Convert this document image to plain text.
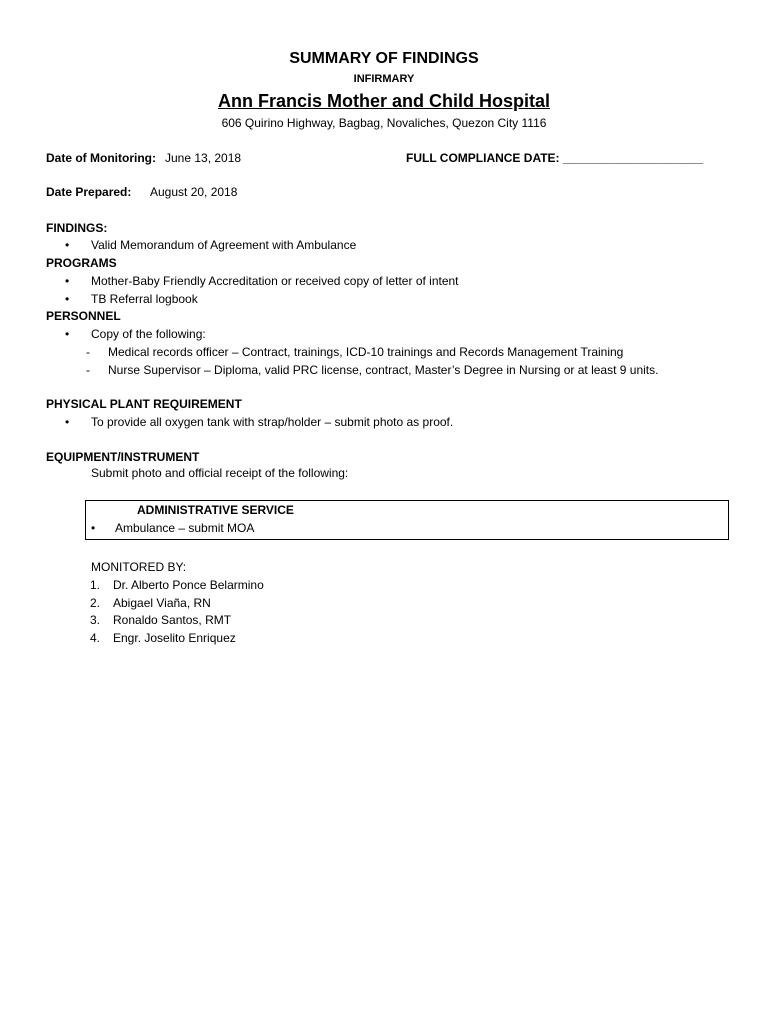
SUMMARY OF FINDINGS
INFIRMARY
Ann Francis Mother and Child Hospital
606 Quirino Highway, Bagbag, Novaliches, Quezon City 1116
Date of Monitoring: June 13, 2018	FULL COMPLIANCE DATE: _____________________
Date Prepared: August 20, 2018
FINDINGS:
• Valid Memorandum of Agreement with Ambulance
PROGRAMS
• Mother-Baby Friendly Accreditation or received copy of letter of intent
• TB Referral logbook
PERSONNEL
• Copy of the following:
- Medical records officer – Contract, trainings, ICD-10 trainings and Records Management Training
- Nurse Supervisor – Diploma, valid PRC license, contract, Master’s Degree in Nursing or at least 9 units.
PHYSICAL PLANT REQUIREMENT
• To provide all oxygen tank with strap/holder – submit photo as proof.
EQUIPMENT/INSTRUMENT
Submit photo and official receipt of the following:
ADMINISTRATIVE SERVICE
• Ambulance – submit MOA
MONITORED BY:
1. Dr. Alberto Ponce Belarmino
2. Abigael Viaña, RN
3. Ronaldo Santos, RMT
4. Engr. Joselito Enriquez
